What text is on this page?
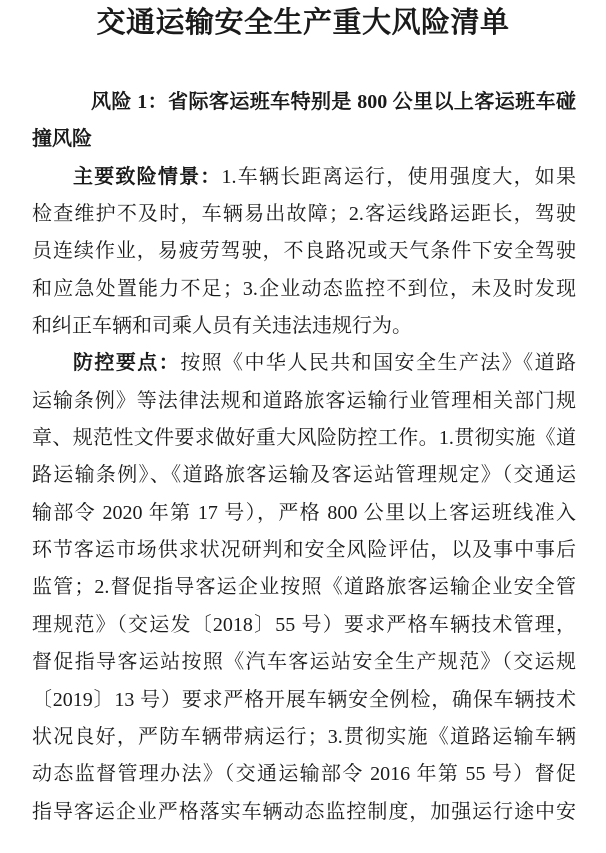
交通运输安全生产重大风险清单
风险 1：省际客运班车特别是 800 公里以上客运班车碰
撞风险
主要致险情景：1.车辆长距离运行，使用强度大，如果
检查维护不及时，车辆易出故障；2.客运线路运距长，驾驶
员连续作业，易疲劳驾驶，不良路况或天气条件下安全驾驶
和应急处置能力不足；3.企业动态监控不到位，未及时发现
和纠正车辆和司乘人员有关违法违规行为。
防控要点：按照《中华人民共和国安全生产法》《道路
运输条例》等法律法规和道路旅客运输行业管理相关部门规
章、规范性文件要求做好重大风险防控工作。1.贯彻实施《道
路运输条例》、《道路旅客运输及客运站管理规定》（交通运
输部令 2020 年第 17 号），严格 800 公里以上客运班线准入
环节客运市场供求状况研判和安全风险评估，以及事中事后
监管；2.督促指导客运企业按照《道路旅客运输企业安全管
理规范》（交运发〔2018〕55 号）要求严格车辆技术管理，
督促指导客运站按照《汽车客运站安全生产规范》（交运规
〔2019〕13 号）要求严格开展车辆安全例检，确保车辆技术
状况良好，严防车辆带病运行；3.贯彻实施《道路运输车辆
动态监督管理办法》（交通运输部令 2016 年第 55 号）督促
指导客运企业严格落实车辆动态监控制度，加强运行途中安
